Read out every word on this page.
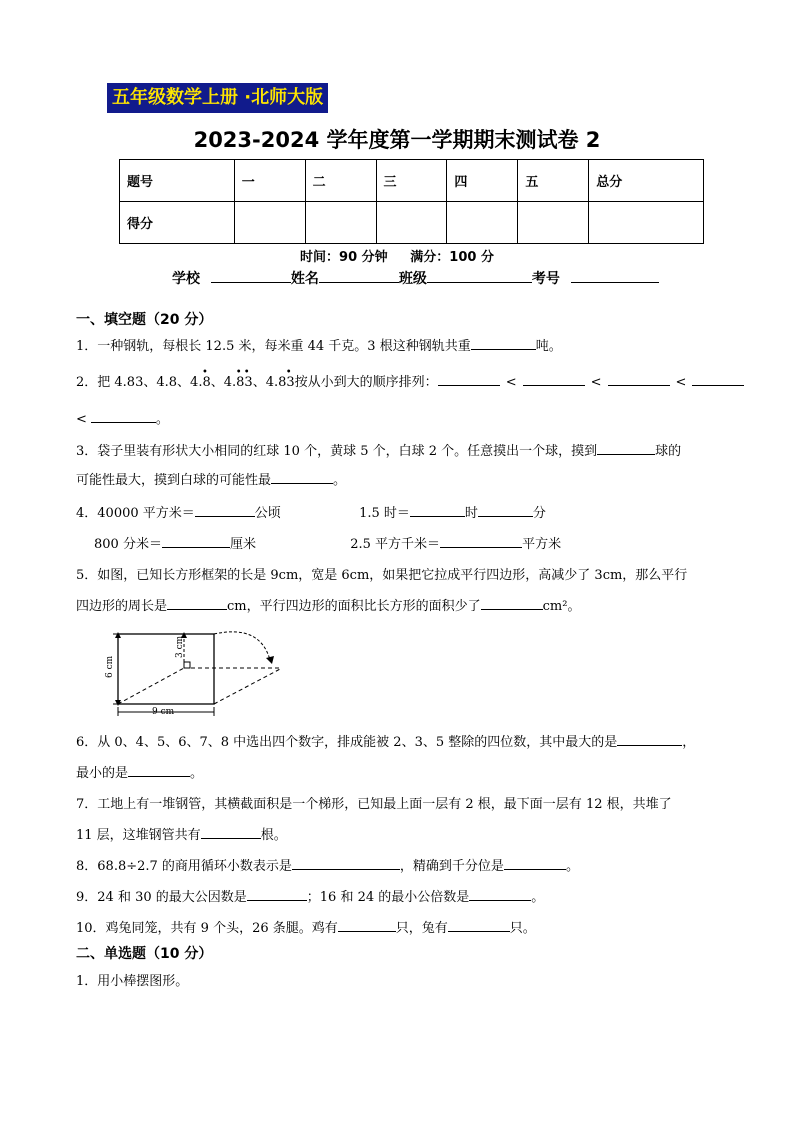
五年级数学上册 ·北师大版
2023-2024 学年度第一学期期末测试卷 2
题号	一	二	三	四	五	总分
得分						
时间：90 分钟 满分：100 分
学校	姓名	班级	考号
一、填空题（20 分）
1．一种钢轨，每根长 12.5 米，每米重 44 千克。3 根这种钢轨共重	吨。
2．把 4.83、4.8、4.8
•
、4.83
• •
、4.83
•
按从小到大的顺序排列：	<	<	<
<	。
3．袋子里装有形状大小相同的红球 10 个，黄球 5 个，白球 2 个。任意摸出一个球，摸到	球的
可能性最大，摸到白球的可能性最	。
4．40000 平方米＝	公顷	1.5 时＝	时	分
800 分米＝	厘米	2.5 平方千米＝	平方米
5．如图，已知长方形框架的长是 9cm，宽是 6cm，如果把它拉成平行四边形，高减少了 3cm，那么平行
四边形的周长是	cm，平行四边形的面积比长方形的面积少了	cm²。
9 cm
6 cm
3 cm
6．从 0、4、5、6、7、8 中选出四个数字，排成能被 2、3、5 整除的四位数，其中最大的是	，
最小的是	。
7．工地上有一堆钢管，其横截面积是一个梯形，已知最上面一层有 2 根，最下面一层有 12 根，共堆了
11 层，这堆钢管共有	根。
8．68.8÷2.7 的商用循环小数表示是	，精确到千分位是	。
9．24 和 30 的最大公因数是	；16 和 24 的最小公倍数是	。
10．鸡兔同笼，共有 9 个头，26 条腿。鸡有	只，兔有	只。
二、单选题（10 分）
1．用小棒摆图形。
